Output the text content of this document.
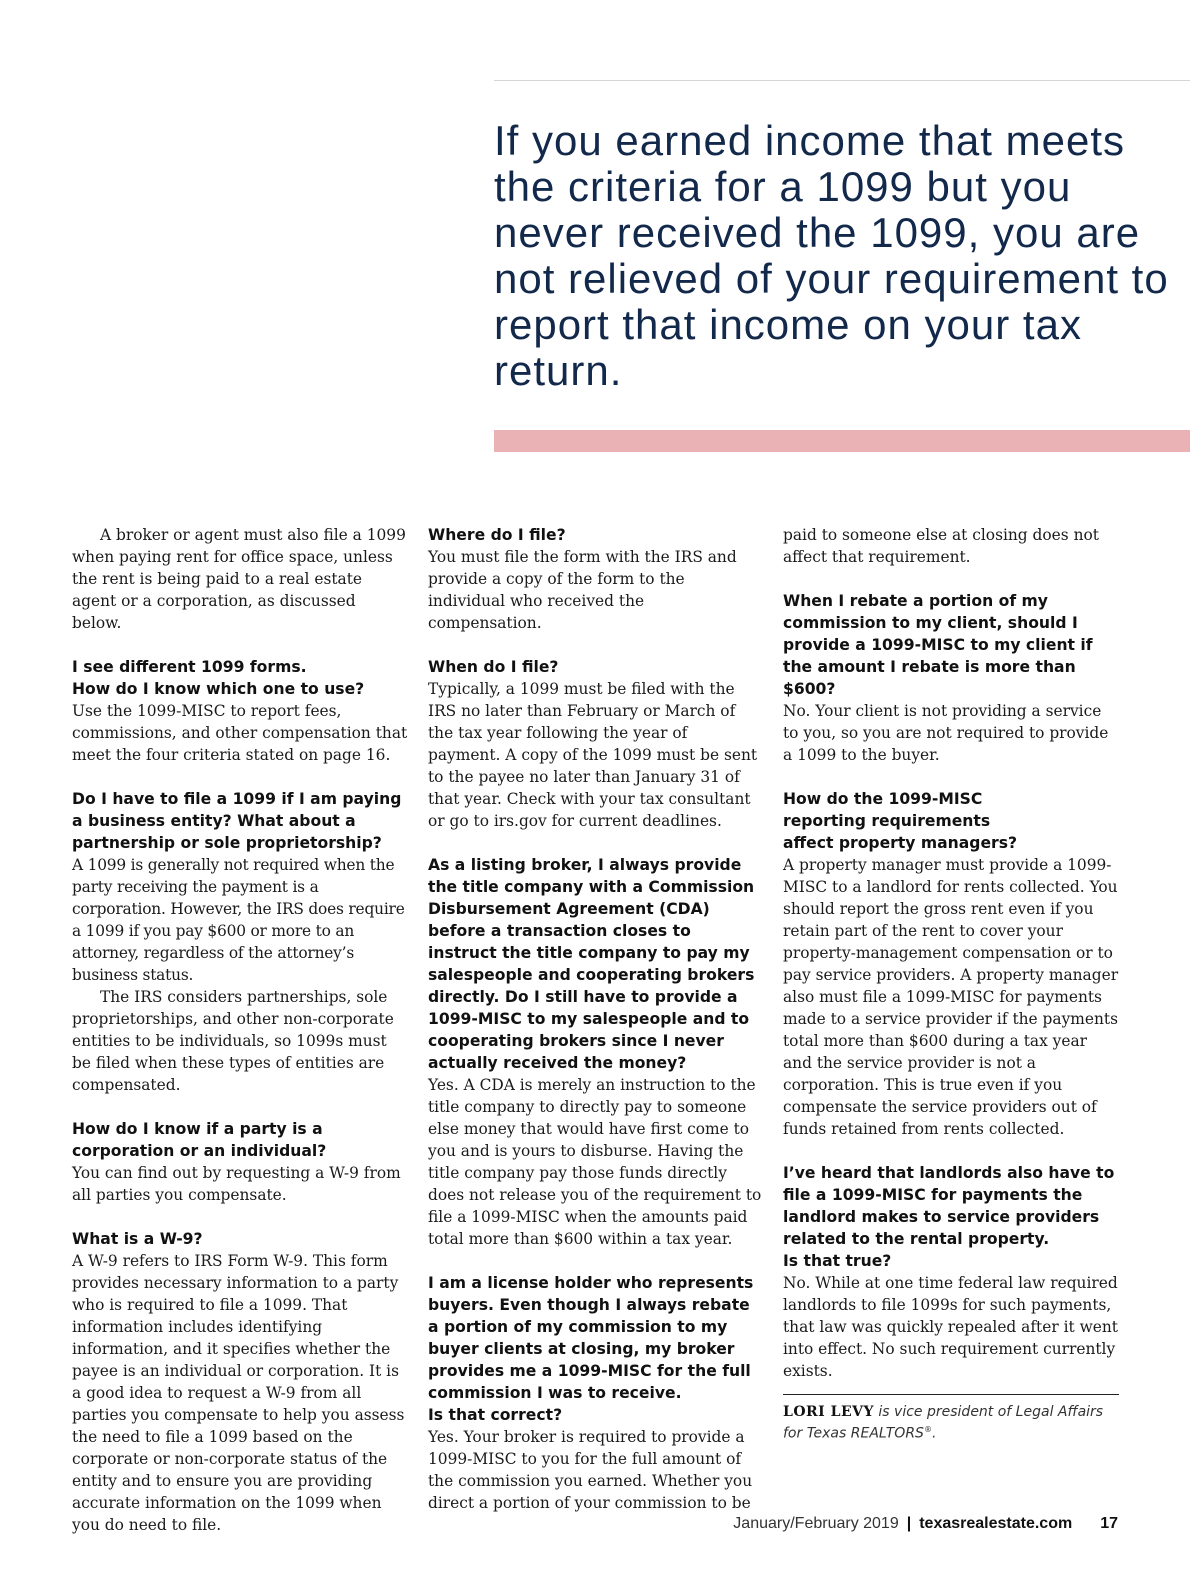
If you earned income that meets the criteria for a 1099 but you never received the 1099, you are not relieved of your requirement to report that income on your tax return.

A broker or agent must also file a 1099 when paying rent for office space, unless the rent is being paid to a real estate agent or a corporation, as discussed below.

I see different 1099 forms.

How do I know which one to use?

Use the 1099-MISC to report fees, commissions, and other compensation that meet the four criteria stated on page 16.

Do I have to file a 1099 if I am paying a business entity? What about a partnership or sole proprietorship?

A 1099 is generally not required when the party receiving the payment is a corporation. However, the IRS does require a 1099 if you pay $600 or more to an attorney, regardless of the attorney’s business status.

The IRS considers partnerships, sole proprietorships, and other non-corporate entities to be individuals, so 1099s must be filed when these types of entities are compensated.

How do I know if a party is a corporation or an individual?

You can find out by requesting a W-9 from all parties you compensate.

What is a W-9?

A W-9 refers to IRS Form W-9. This form provides necessary information to a party who is required to file a 1099. That information includes identifying information, and it specifies whether the payee is an individual or corporation. It is a good idea to request a W-9 from all parties you compensate to help you assess the need to file a 1099 based on the corporate or non-corporate status of the entity and to ensure you are providing accurate information on the 1099 when you do need to file.

Where do I file?

You must file the form with the IRS and provide a copy of the form to the individual who received the compensation.

When do I file?

Typically, a 1099 must be filed with the IRS no later than February or March of the tax year following the year of payment. A copy of the 1099 must be sent to the payee no later than January 31 of that year. Check with your tax consultant or go to irs.gov for current deadlines.

As a listing broker, I always provide the title company with a Commission Disbursement Agreement (CDA) before a transaction closes to instruct the title company to pay my salespeople and cooperating brokers directly. Do I still have to provide a 1099-MISC to my salespeople and to cooperating brokers since I never actually received the money?

Yes. A CDA is merely an instruction to the title company to directly pay to someone else money that would have first come to you and is yours to disburse. Having the title company pay those funds directly does not release you of the requirement to file a 1099-MISC when the amounts paid total more than $600 within a tax year.

I am a license holder who represents buyers. Even though I always rebate a portion of my commission to my buyer clients at closing, my broker provides me a 1099-MISC for the full commission I was to receive.

Is that correct?

Yes. Your broker is required to provide a 1099-MISC to you for the full amount of the commission you earned. Whether you direct a portion of your commission to be

paid to someone else at closing does not affect that requirement.

When I rebate a portion of my commission to my client, should I provide a 1099-MISC to my client if the amount I rebate is more than $600?

No. Your client is not providing a service to you, so you are not required to provide a 1099 to the buyer.

How do the 1099-MISC

reporting requirements

affect property managers?

A property manager must provide a 1099-MISC to a landlord for rents collected. You should report the gross rent even if you retain part of the rent to cover your property-management compensation or to pay service providers. A property manager also must file a 1099-MISC for payments made to a service provider if the payments total more than $600 during a tax year and the service provider is not a corporation. This is true even if you compensate the service providers out of funds retained from rents collected.

I’ve heard that landlords also have to file a 1099-MISC for payments the landlord makes to service providers related to the rental property.

Is that true?

No. While at one time federal law required landlords to file 1099s for such payments, that law was quickly repealed after it went into effect. No such requirement currently exists.

LORI LEVY is vice president of Legal Affairs for Texas REALTORS®.

January/February 2019 | texasrealestate.com 17
